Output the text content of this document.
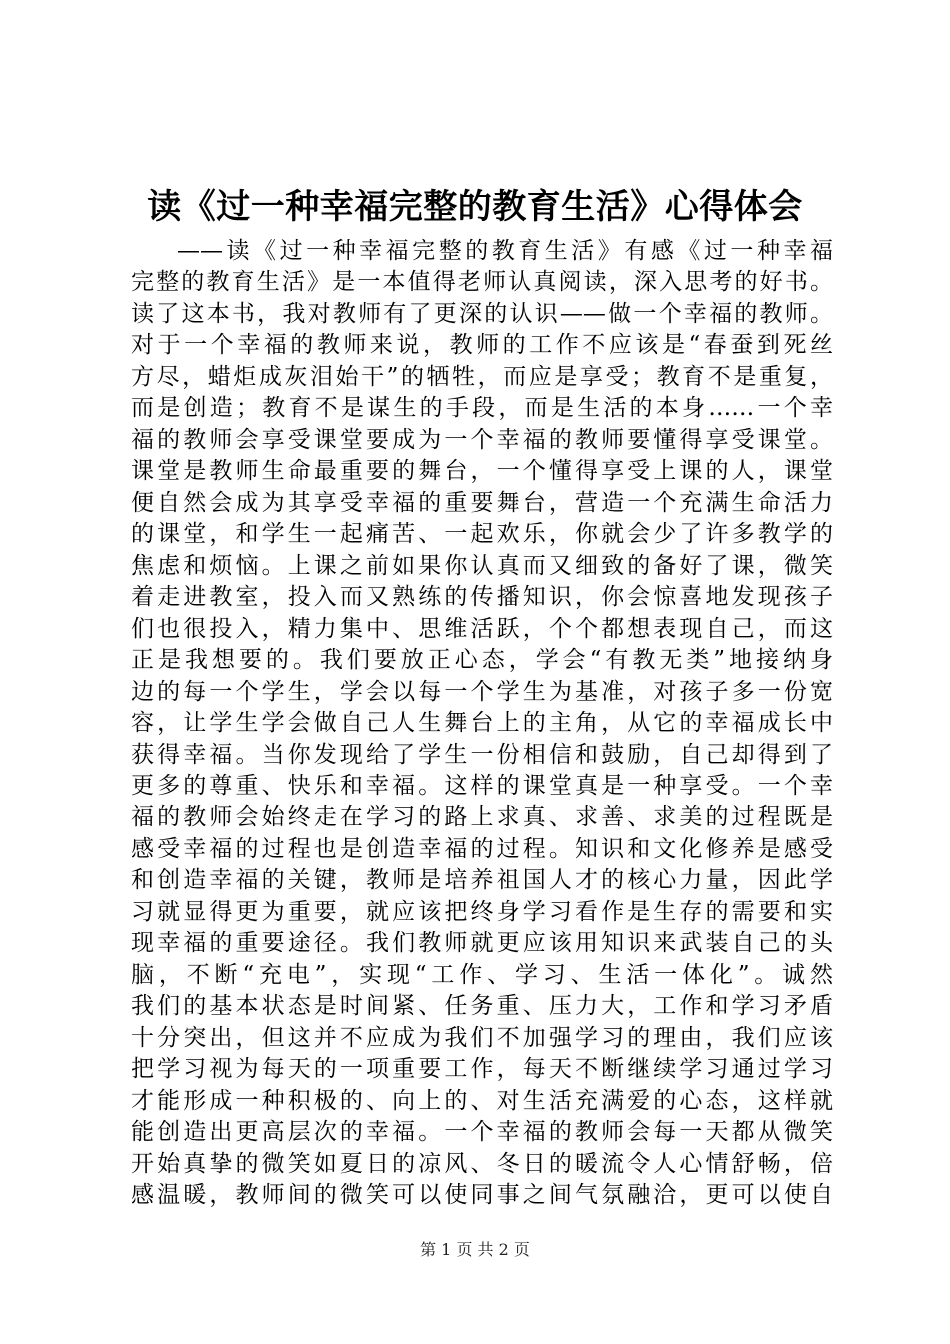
读《过一种幸福完整的教育生活》心得体会
——读《过一种幸福完整的教育生活》有感《过一种幸福
完整的教育生活》是一本值得老师认真阅读，深入思考的好书。
读了这本书，我对教师有了更深的认识——做一个幸福的教师。
对于一个幸福的教师来说，教师的工作不应该是“春蚕到死丝
方尽，蜡炬成灰泪始干”的牺牲，而应是享受；教育不是重复，
而是创造；教育不是谋生的手段，而是生活的本身……一个幸
福的教师会享受课堂要成为一个幸福的教师要懂得享受课堂。
课堂是教师生命最重要的舞台，一个懂得享受上课的人，课堂
便自然会成为其享受幸福的重要舞台，营造一个充满生命活力
的课堂，和学生一起痛苦、一起欢乐，你就会少了许多教学的
焦虑和烦恼。上课之前如果你认真而又细致的备好了课，微笑
着走进教室，投入而又熟练的传播知识，你会惊喜地发现孩子
们也很投入，精力集中、思维活跃，个个都想表现自己，而这
正是我想要的。我们要放正心态，学会“有教无类”地接纳身
边的每一个学生，学会以每一个学生为基准，对孩子多一份宽
容，让学生学会做自己人生舞台上的主角，从它的幸福成长中
获得幸福。当你发现给了学生一份相信和鼓励，自己却得到了
更多的尊重、快乐和幸福。这样的课堂真是一种享受。一个幸
福的教师会始终走在学习的路上求真、求善、求美的过程既是
感受幸福的过程也是创造幸福的过程。知识和文化修养是感受
和创造幸福的关键，教师是培养祖国人才的核心力量，因此学
习就显得更为重要，就应该把终身学习看作是生存的需要和实
现幸福的重要途径。我们教师就更应该用知识来武装自己的头
脑，不断“充电”，实现“工作、学习、生活一体化”。诚然
我们的基本状态是时间紧、任务重、压力大，工作和学习矛盾
十分突出，但这并不应成为我们不加强学习的理由，我们应该
把学习视为每天的一项重要工作，每天不断继续学习通过学习
才能形成一种积极的、向上的、对生活充满爱的心态，这样就
能创造出更高层次的幸福。一个幸福的教师会每一天都从微笑
开始真挚的微笑如夏日的凉风、冬日的暖流令人心情舒畅，倍
感温暖，教师间的微笑可以使同事之间气氛融洽，更可以使自

第 1 页 共 2 页
